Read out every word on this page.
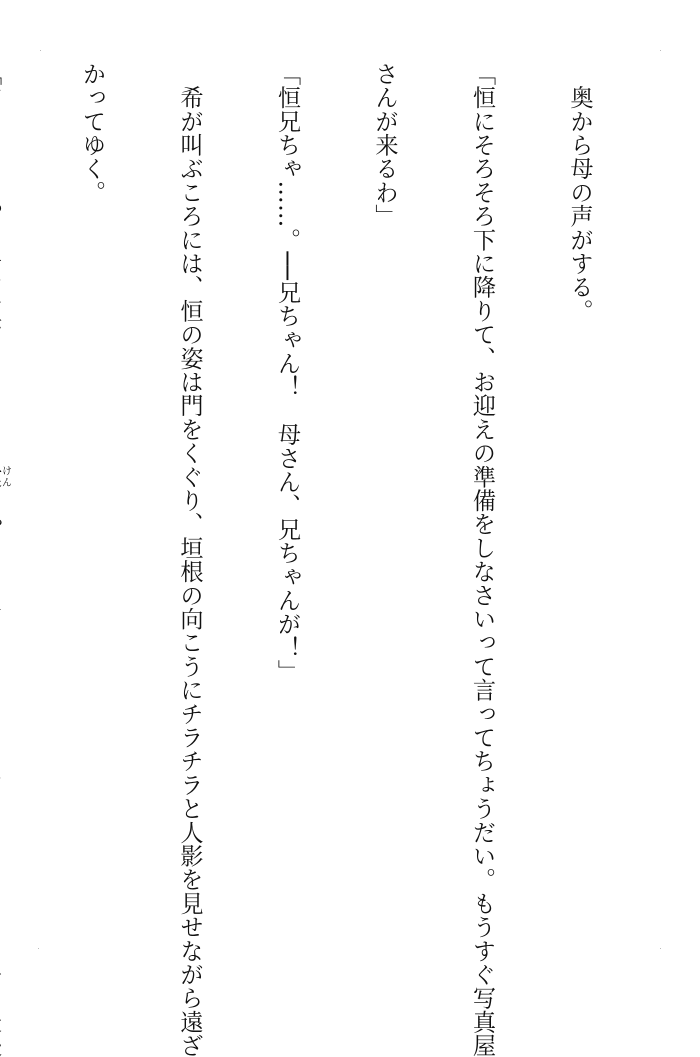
　奥から母の声がする。

「恒にそろそろ下に降りて、お迎えの準備をしなさいって言ってちょうだい。もうすぐ写真屋

さんが来るわ」

「恒兄ちゃ……。──兄ちゃん！　母さん、兄ちゃんが！」

　希が叫ぶころには、恒の姿は門をくぐり、垣根の向こうにチラチラと人影を見せながら遠ざ

かってゆく。

けん
